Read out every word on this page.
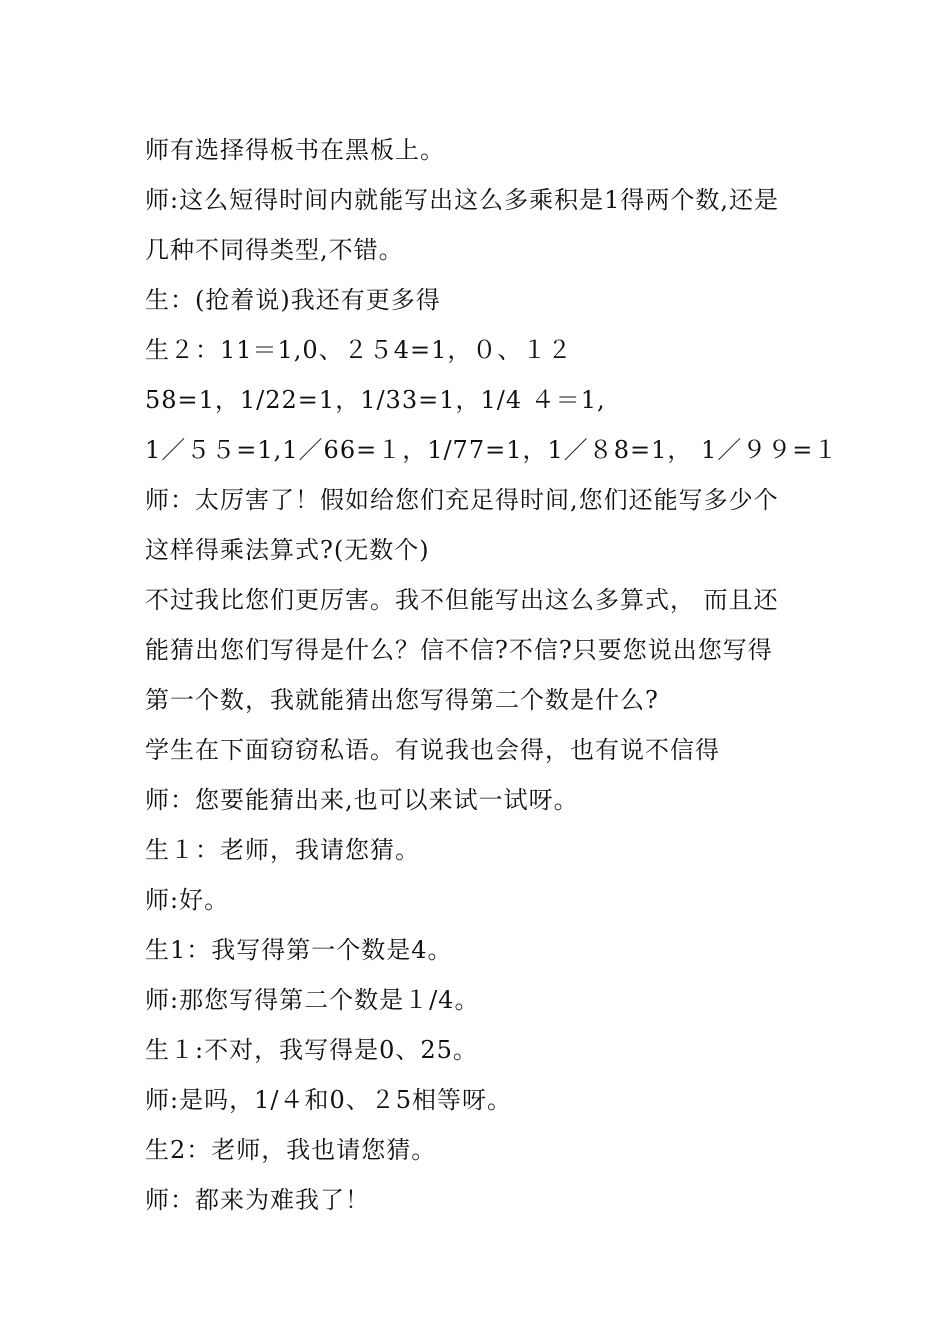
师有选择得板书在黑板上。
师:这么短得时间内就能写出这么多乘积是1得两个数,还是
几种不同得类型,不错。
生：(抢着说)我还有更多得
生２：11＝1,0、２５4=1，０、１２
58=1，1/22=1，1/33=1，1/4 ４＝1,
1／５５=1,1／66=１，1/77=1，1／８8=1， 1／９９=１
师：太厉害了！假如给您们充足得时间,您们还能写多少个
这样得乘法算式?(无数个)
不过我比您们更厉害。我不但能写出这么多算式， 而且还
能猜出您们写得是什么？信不信?不信?只要您说出您写得
第一个数，我就能猜出您写得第二个数是什么?
学生在下面窃窃私语。有说我也会得，也有说不信得
师：您要能猜出来,也可以来试一试呀。
生１：老师，我请您猜。
师:好。
生1：我写得第一个数是4。
师:那您写得第二个数是１/4。
生１:不对，我写得是0、25。
师:是吗，1/４和0、２5相等呀。
生2：老师，我也请您猜。
师：都来为难我了！
